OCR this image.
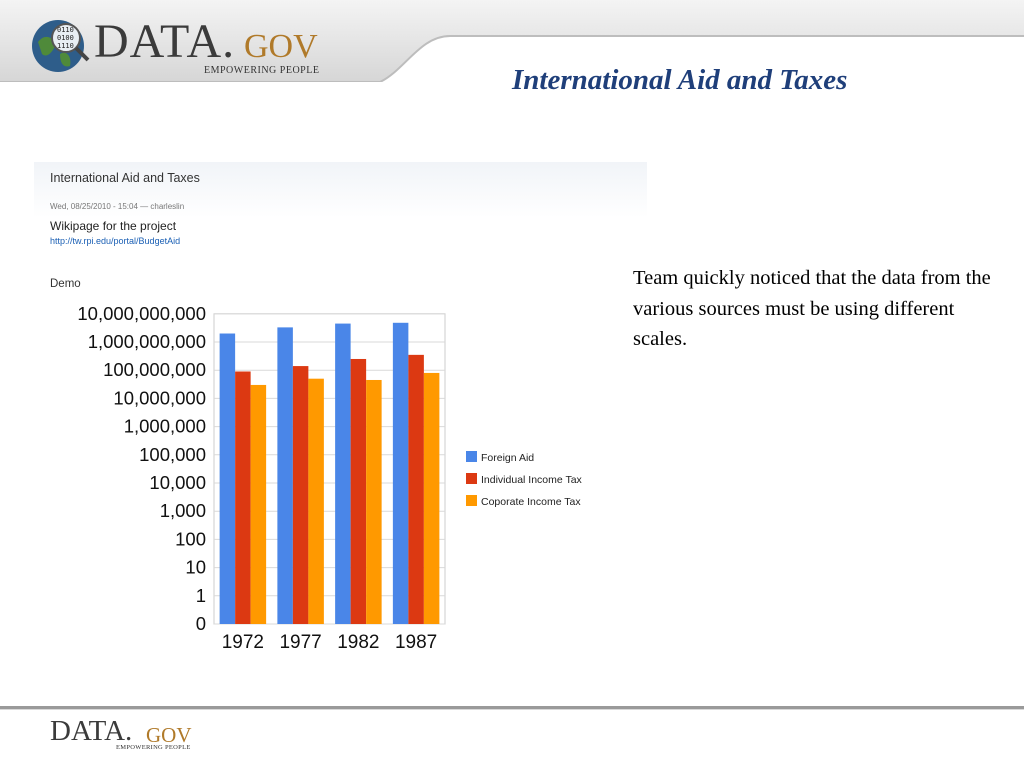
0110
0100
1110 DATA. GOV
EMPOWERING PEOPLE	International Aid and Taxes
International Aid and Taxes
Wed, 08/25/2010 - 15:04 — charleslin
Wikipage for the project
http://tw.rpi.edu/portal/BudgetAid
Demo
0
1
10
100
1,000
10,000
100,000
1,000,000
10,000,000
100,000,000
1,000,000,000
10,000,000,000
1972 1977 1982 1987
Foreign Aid
Individual Income Tax
Coporate Income Tax
Team quickly noticed that the data from the various sources must be using different scales.
DATA. GOV
EMPOWERING PEOPLE
